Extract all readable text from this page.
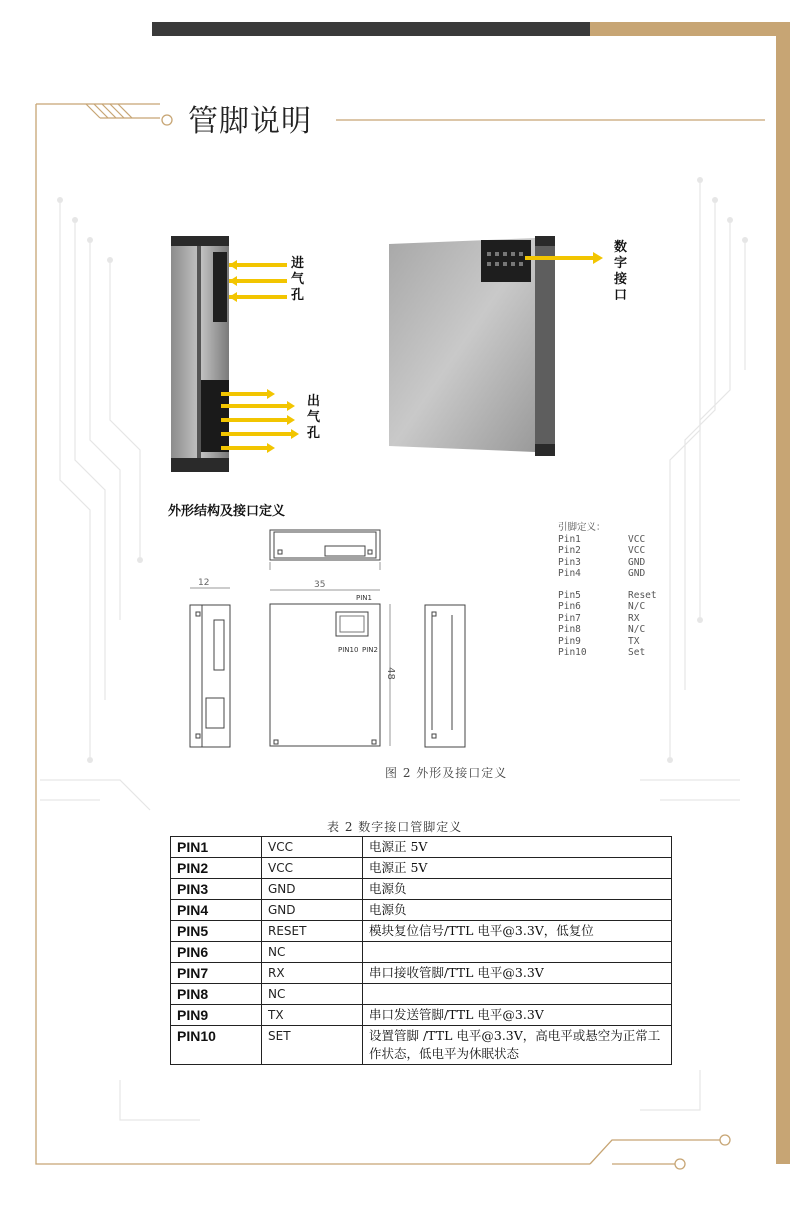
管脚说明
进气孔
出气孔
数字接口
外形结构及接口定义
12	35
48
PIN1
PIN10 PIN2
引脚定义：
Pin1	VCC
Pin2	VCC
Pin3	GND
Pin4	GND
Pin5	Reset
Pin6	N/C
Pin7	RX
Pin8	N/C
Pin9	TX
Pin10	Set
图 2 外形及接口定义
表 2 数字接口管脚定义
PIN1	VCC	电源正 5V
PIN2	VCC	电源正 5V
PIN3	GND	电源负
PIN4	GND	电源负
PIN5	RESET	模块复位信号/TTL 电平@3.3V，低复位
PIN6	NC	
PIN7	RX	串口接收管脚/TTL 电平@3.3V
PIN8	NC	
PIN9	TX	串口发送管脚/TTL 电平@3.3V
PIN10	SET	设置管脚 /TTL 电平@3.3V，高电平或悬空为正常工作状态，低电平为休眠状态
